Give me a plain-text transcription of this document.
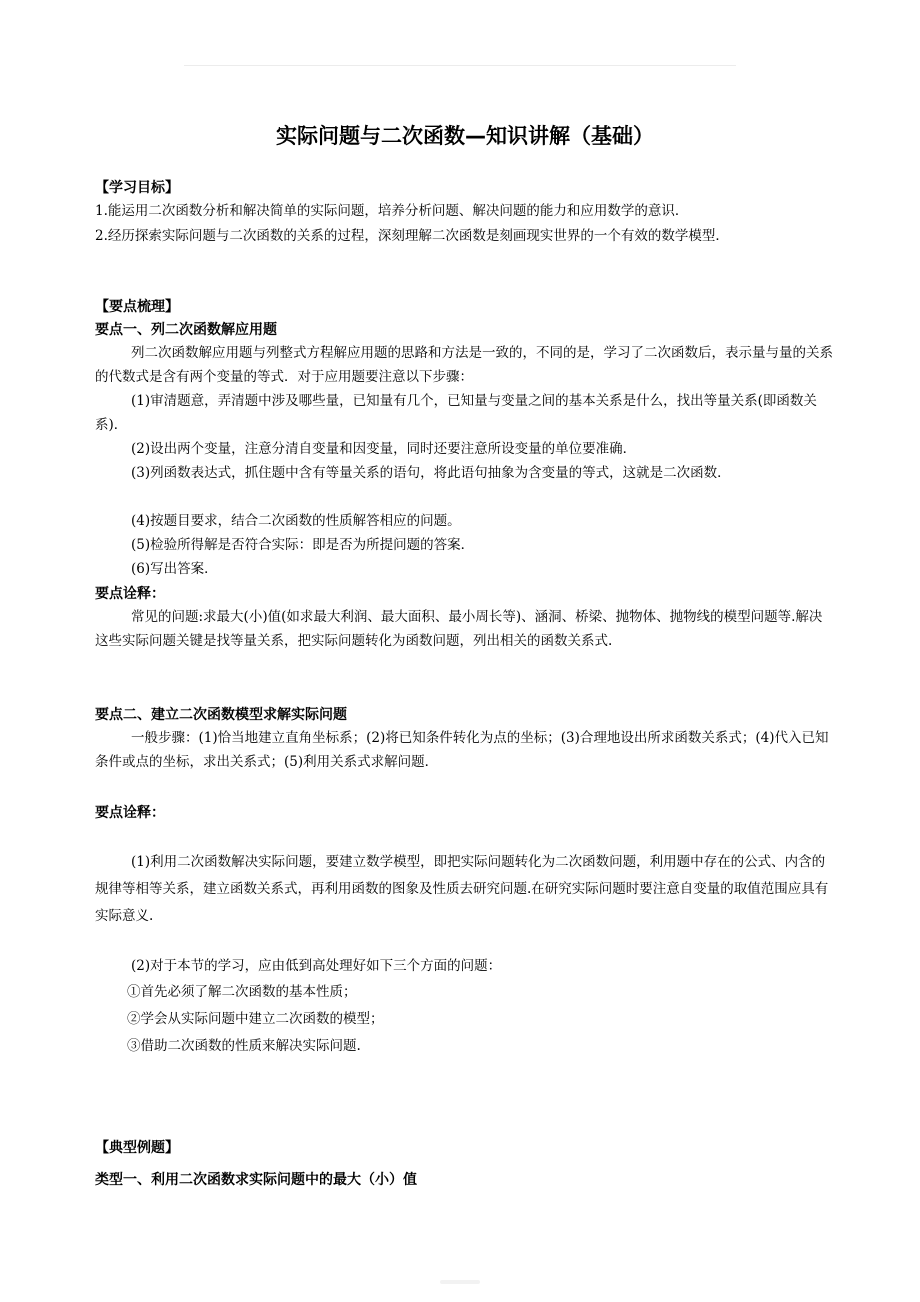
实际问题与二次函数—知识讲解（基础）
【学习目标】
1.能运用二次函数分析和解决简单的实际问题，培养分析问题、解决问题的能力和应用数学的意识．
2.经历探索实际问题与二次函数的关系的过程，深刻理解二次函数是刻画现实世界的一个有效的数学模型．
【要点梳理】
要点一、列二次函数解应用题
列二次函数解应用题与列整式方程解应用题的思路和方法是一致的，不同的是，学习了二次函数后，表示量与量的关系的代数式是含有两个变量的等式．对于应用题要注意以下步骤：
(1)审清题意，弄清题中涉及哪些量，已知量有几个，已知量与变量之间的基本关系是什么，找出等量关系(即函数关系)．
(2)设出两个变量，注意分清自变量和因变量，同时还要注意所设变量的单位要准确．
(3)列函数表达式，抓住题中含有等量关系的语句，将此语句抽象为含变量的等式，这就是二次函数．
(4)按题目要求，结合二次函数的性质解答相应的问题。
(5)检验所得解是否符合实际：即是否为所提问题的答案．
(6)写出答案．
要点诠释：
常见的问题:求最大(小)值(如求最大利润、最大面积、最小周长等)、涵洞、桥梁、抛物体、抛物线的模型问题等.解决这些实际问题关键是找等量关系，把实际问题转化为函数问题，列出相关的函数关系式.
要点二、建立二次函数模型求解实际问题
一般步骤：(1)恰当地建立直角坐标系；(2)将已知条件转化为点的坐标；(3)合理地设出所求函数关系式；(4)代入已知条件或点的坐标，求出关系式；(5)利用关系式求解问题．
要点诠释：
(1)利用二次函数解决实际问题，要建立数学模型，即把实际问题转化为二次函数问题，利用题中存在的公式、内含的规律等相等关系，建立函数关系式，再利用函数的图象及性质去研究问题.在研究实际问题时要注意自变量的取值范围应具有实际意义.
(2)对于本节的学习，应由低到高处理好如下三个方面的问题：
①首先必须了解二次函数的基本性质；
②学会从实际问题中建立二次函数的模型；
③借助二次函数的性质来解决实际问题.
【典型例题】
类型一、利用二次函数求实际问题中的最大（小）值
